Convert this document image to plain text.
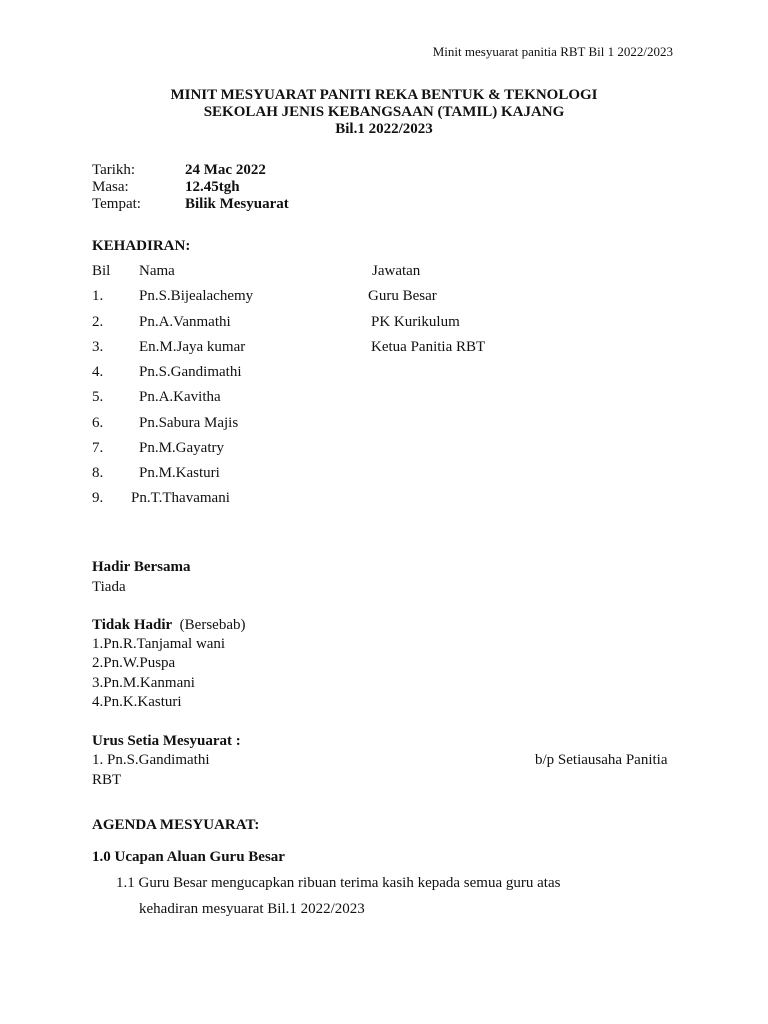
Minit mesyuarat panitia RBT Bil 1 2022/2023
MINIT MESYUARAT PANITI REKA BENTUK & TEKNOLOGI
SEKOLAH JENIS KEBANGSAAN (TAMIL) KAJANG
Bil.1 2022/2023
Tarikh:	24 Mac 2022
Masa:	12.45tgh
Tempat:	Bilik Mesyuarat
KEHADIRAN:
Bil Nama	Jawatan
1. Pn.S.Bijealachemy	Guru Besar
2. Pn.A.Vanmathi	PK Kurikulum
3. En.M.Jaya kumar	Ketua Panitia RBT
4. Pn.S.Gandimathi
5. Pn.A.Kavitha
6. Pn.Sabura Majis
7. Pn.M.Gayatry
8. Pn.M.Kasturi
9. Pn.T.Thavamani
Hadir Bersama
Tiada
Tidak Hadir (Bersebab)
1.Pn.R.Tanjamal wani
2.Pn.W.Puspa
3.Pn.M.Kanmani
4.Pn.K.Kasturi
Urus Setia Mesyuarat :
1. Pn.S.Gandimathi	b/p Setiausaha Panitia
RBT
AGENDA MESYUARAT:
1.0 Ucapan Aluan Guru Besar
1.1 Guru Besar mengucapkan ribuan terima kasih kepada semua guru atas
kehadiran mesyuarat Bil.1 2022/2023
